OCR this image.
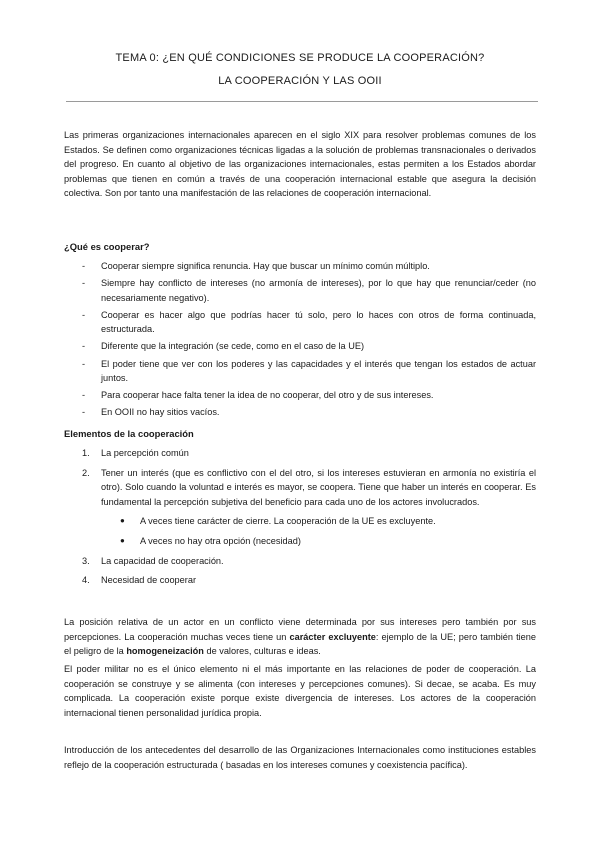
TEMA 0: ¿EN QUÉ CONDICIONES SE PRODUCE LA COOPERACIÓN?
LA COOPERACIÓN Y LAS OOII
Las primeras organizaciones internacionales aparecen en el siglo XIX para resolver problemas comunes de los Estados. Se definen como organizaciones técnicas ligadas a la solución de problemas transnacionales o derivados del progreso. En cuanto al objetivo de las organizaciones internacionales, estas permiten a los Estados abordar problemas que tienen en común a través de una cooperación internacional estable que asegura la decisión colectiva. Son por tanto una manifestación de las relaciones de cooperación internacional.
¿Qué es cooperar?
- Cooperar siempre significa renuncia. Hay que buscar un mínimo común múltiplo.
- Siempre hay conflicto de intereses (no armonía de intereses), por lo que hay que renunciar/ceder (no necesariamente negativo).
- Cooperar es hacer algo que podrías hacer tú solo, pero lo haces con otros de forma continuada, estructurada.
- Diferente que la integración (se cede, como en el caso de la UE)
- El poder tiene que ver con los poderes y las capacidades y el interés que tengan los estados de actuar juntos.
- Para cooperar hace falta tener la idea de no cooperar, del otro y de sus intereses.
- En OOII no hay sitios vacíos.
Elementos de la cooperación
1. La percepción común
2. Tener un interés (que es conflictivo con el del otro, si los intereses estuvieran en armonía no existiría el otro). Solo cuando la voluntad e interés es mayor, se coopera. Tiene que haber un interés en cooperar. Es fundamental la percepción subjetiva del beneficio para cada uno de los actores involucrados.
● A veces tiene carácter de cierre. La cooperación de la UE es excluyente.
● A veces no hay otra opción (necesidad)
3. La capacidad de cooperación.
4. Necesidad de cooperar
La posición relativa de un actor en un conflicto viene determinada por sus intereses pero también por sus percepciones. La cooperación muchas veces tiene un carácter excluyente: ejemplo de la UE; pero también tiene el peligro de la homogeneización de valores, culturas e ideas.
El poder militar no es el único elemento ni el más importante en las relaciones de poder de cooperación. La cooperación se construye y se alimenta (con intereses y percepciones comunes). Si decae, se acaba. Es muy complicada. La cooperación existe porque existe divergencia de intereses. Los actores de la cooperación internacional tienen personalidad jurídica propia.
Introducción de los antecedentes del desarrollo de las Organizaciones Internacionales como instituciones estables reflejo de la cooperación estructurada ( basadas en los intereses comunes y coexistencia pacífica).
